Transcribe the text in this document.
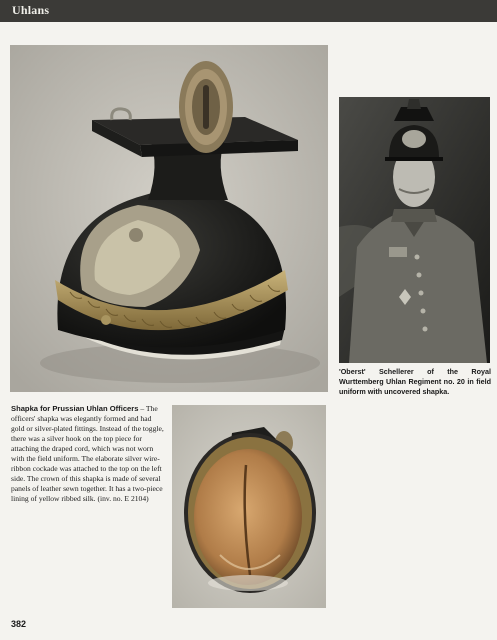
Uhlans
'Oberst' Schellerer of the Royal Wurttemberg Uhlan Regiment no. 20 in field uniform with uncovered shapka.
Shapka for Prussian Uhlan Officers – The officers' shapka was elegantly formed and had gold or silver-plated fittings. Instead of the toggle, there was a silver hook on the top piece for attaching the draped cord, which was not worn with the field uniform. The elaborate silver wire-ribbon cockade was attached to the top on the left side. The crown of this shapka is made of several panels of leather sewn together. It has a two-piece lining of yellow ribbed silk. (inv. no. E 2104)
382
